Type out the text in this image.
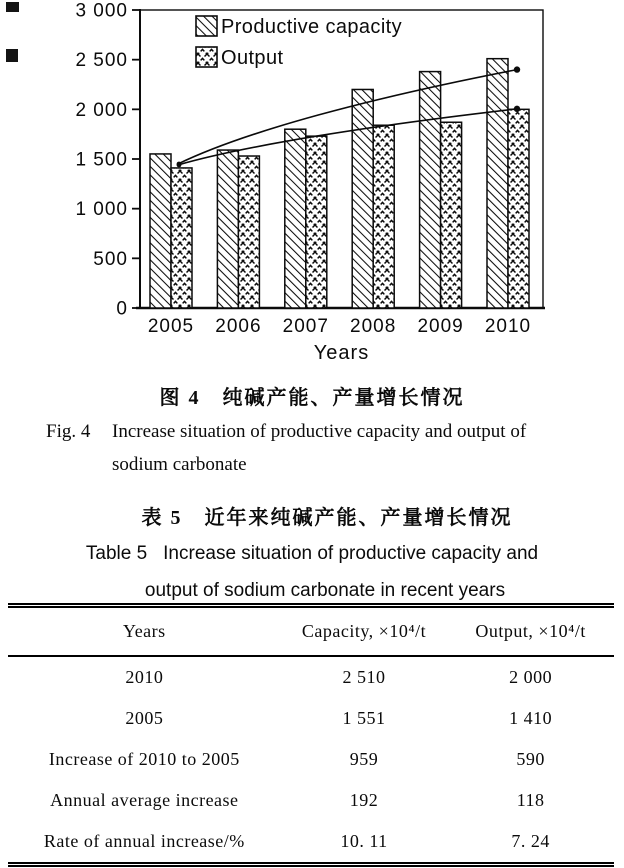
0
500
1 000
1 500
2 000
2 500
3 000
2005 2006 2007 2008 2009 2010
Years
Productive capacity
Output
图 4　纯碱产能、产量增长情况
Fig. 4	Increase situation of productive capacity and output of
sodium carbonate
表 5　近年来纯碱产能、产量增长情况
Table 5 Increase situation of productive capacity and
output of sodium carbonate in recent years
Years	Capacity, ×10⁴/t	Output, ×10⁴/t
2010	2 510	2 000
2005	1 551	1 410
Increase of 2010 to 2005	959	590
Annual average increase	192	118
Rate of annual increase/%	10. 11	7. 24
